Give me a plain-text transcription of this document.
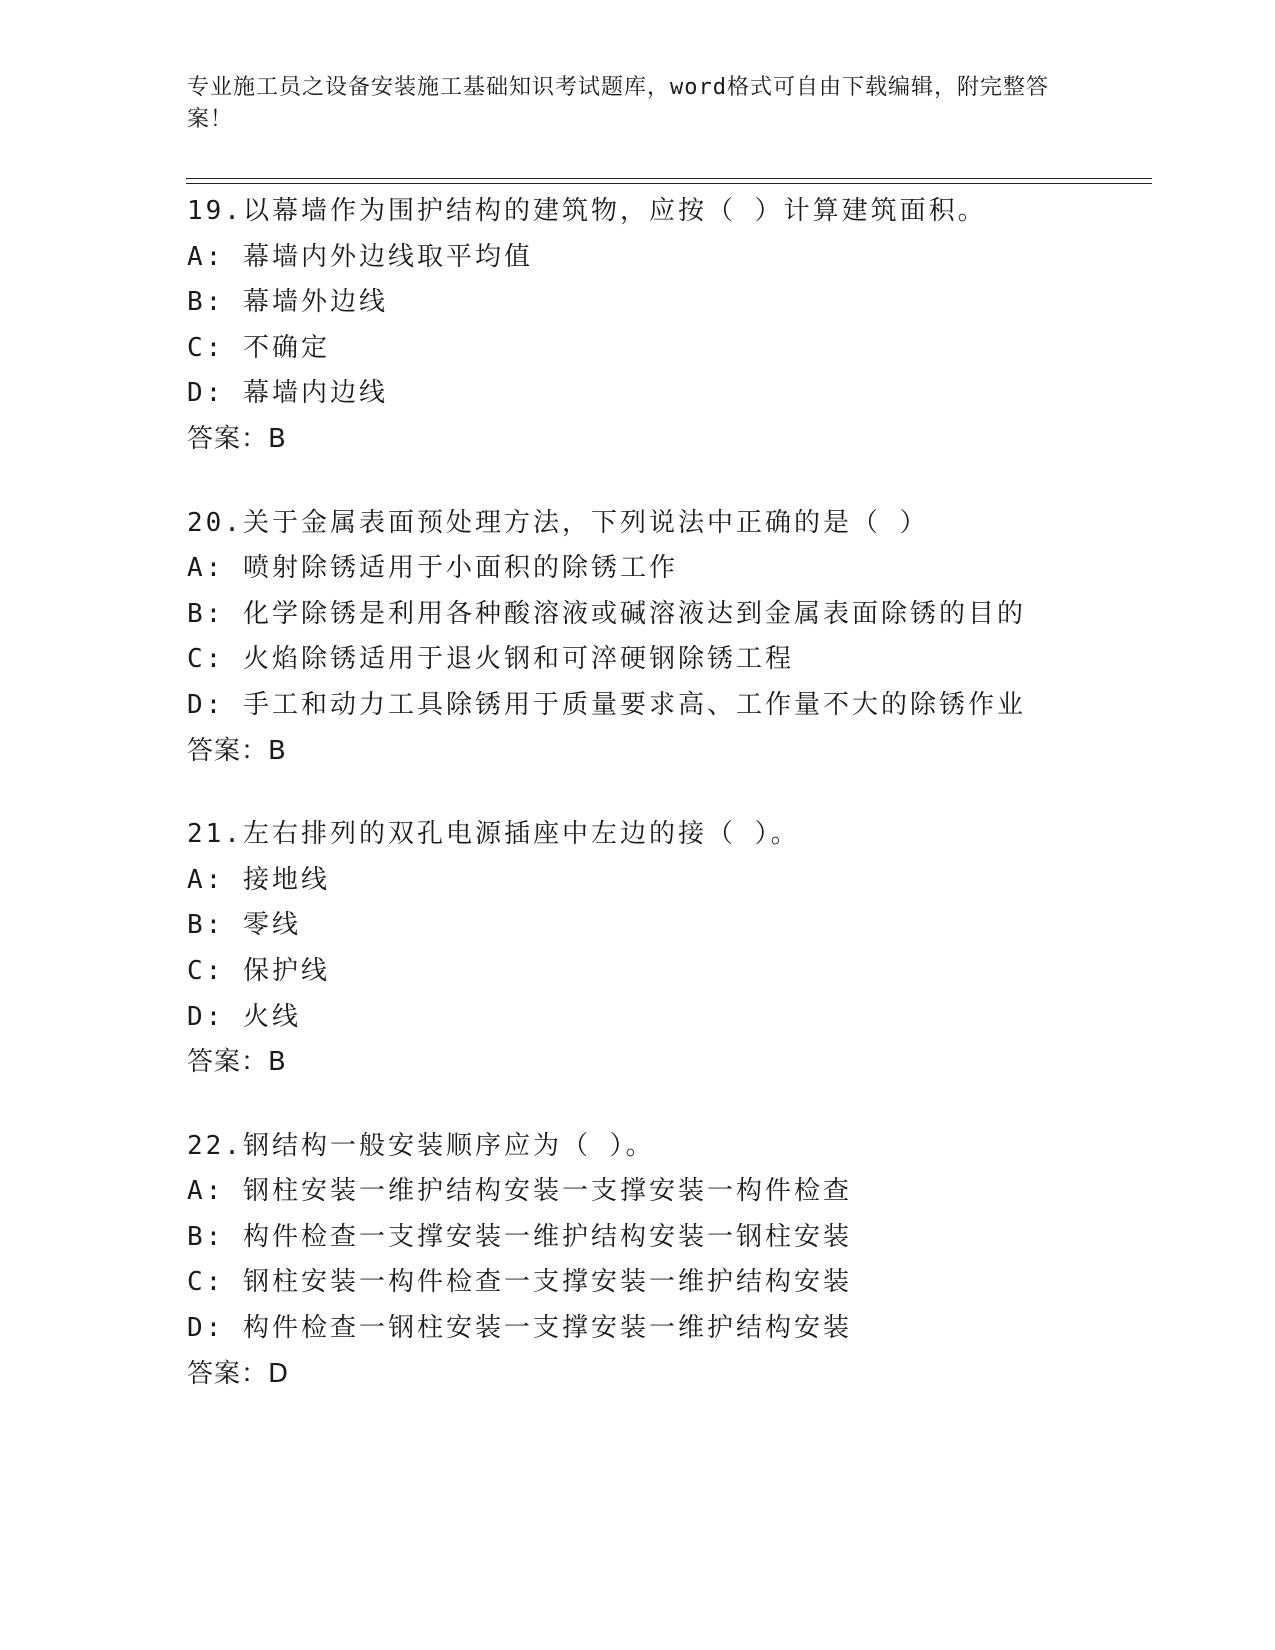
专业施工员之设备安装施工基础知识考试题库，word格式可自由下载编辑，附完整答案！
19.以幕墙作为围护结构的建筑物，应按（ ）计算建筑面积。
A: 幕墙内外边线取平均值
B: 幕墙外边线
C: 不确定
D: 幕墙内边线
答案：B
20.关于金属表面预处理方法，下列说法中正确的是（ ）
A: 喷射除锈适用于小面积的除锈工作
B: 化学除锈是利用各种酸溶液或碱溶液达到金属表面除锈的目的
C: 火焰除锈适用于退火钢和可淬硬钢除锈工程
D: 手工和动力工具除锈用于质量要求高、工作量不大的除锈作业
答案：B
21.左右排列的双孔电源插座中左边的接（ ）。
A: 接地线
B: 零线
C: 保护线
D: 火线
答案：B
22.钢结构一般安装顺序应为（ ）。
A: 钢柱安装一维护结构安装一支撑安装一构件检查
B: 构件检查一支撑安装一维护结构安装一钢柱安装
C: 钢柱安装一构件检查一支撑安装一维护结构安装
D: 构件检查一钢柱安装一支撑安装一维护结构安装
答案：D
